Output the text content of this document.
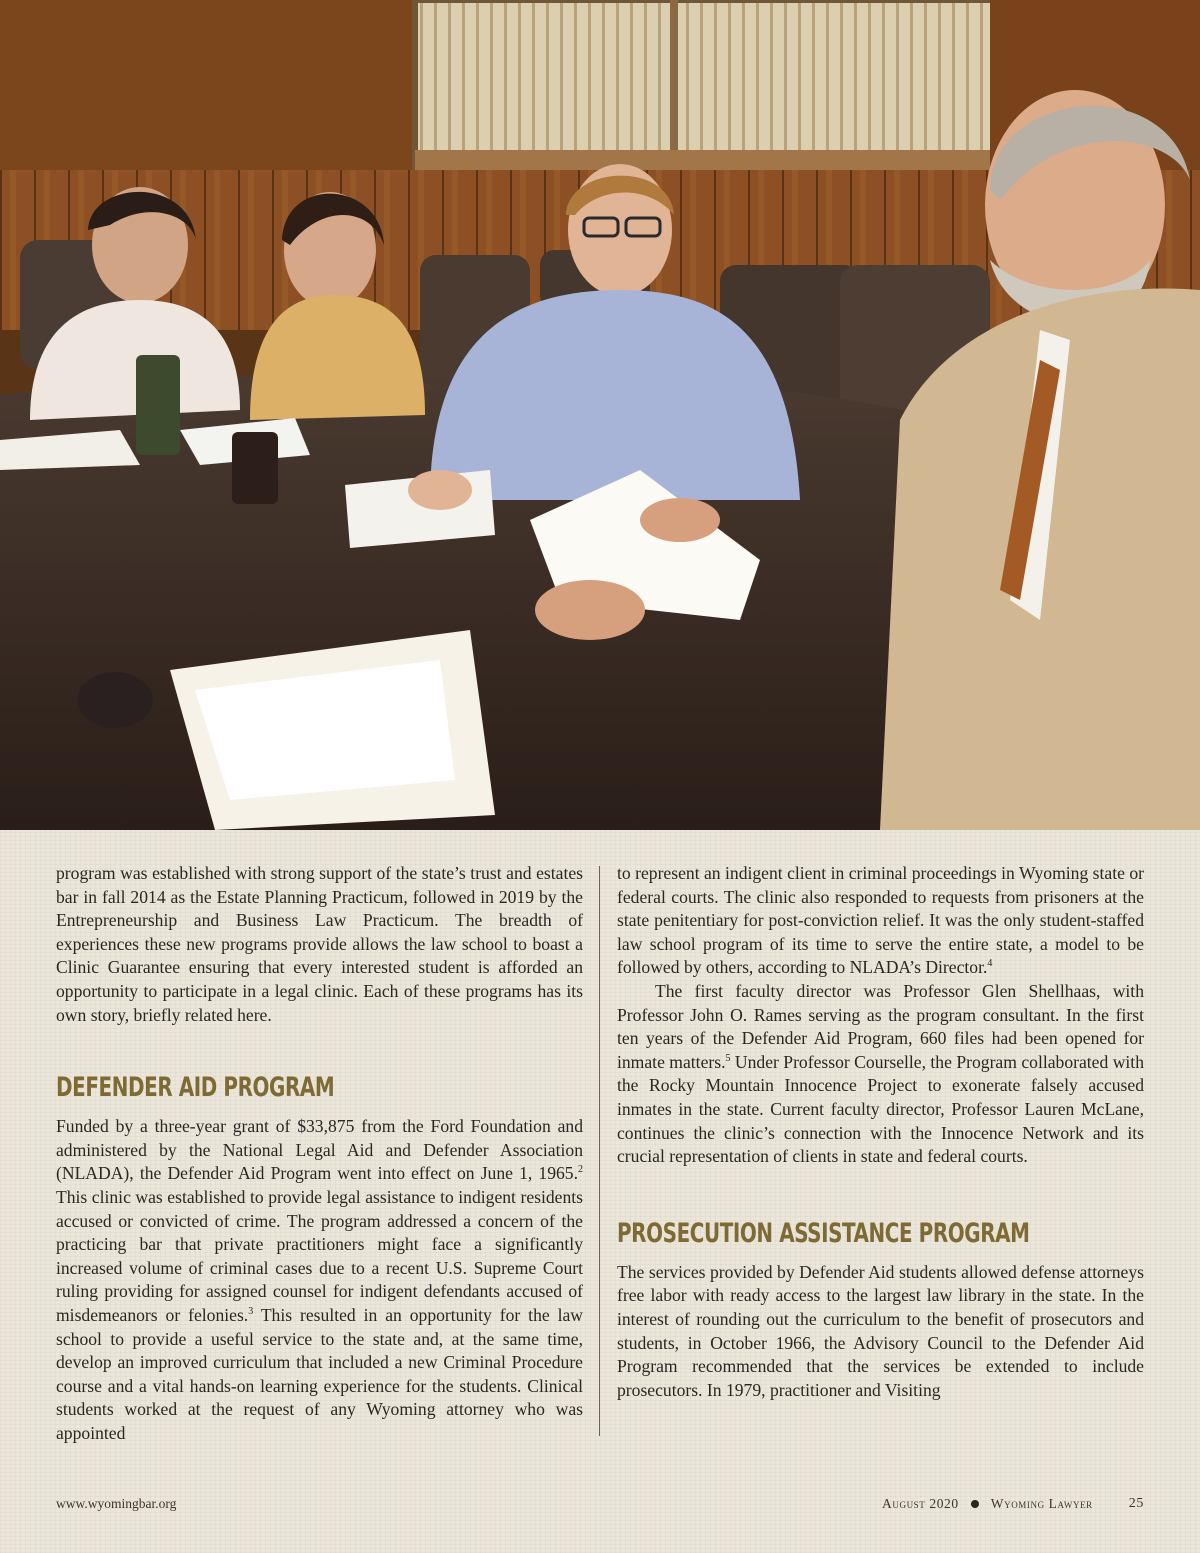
program was established with strong support of the state’s trust and estates bar in fall 2014 as the Estate Planning Practicum, followed in 2019 by the Entrepreneurship and Business Law Practicum. The breadth of experiences these new programs provide allows the law school to boast a Clinic Guarantee ensuring that every interested student is afforded an opportunity to participate in a legal clinic. Each of these programs has its own story, briefly related here.

DEFENDER AID PROGRAM

Funded by a three-year grant of $33,875 from the Ford Foundation and administered by the National Legal Aid and Defender Association (NLADA), the Defender Aid Program went into effect on June 1, 1965.$^2$ This clinic was established to provide legal assistance to indigent residents accused or convicted of crime. The program addressed a concern of the practicing bar that private practitioners might face a significantly increased volume of criminal cases due to a recent U.S. Supreme Court ruling providing for assigned counsel for indigent defendants accused of misdemeanors or felonies.$^3$ This resulted in an opportunity for the law school to provide a useful service to the state and, at the same time, develop an improved curriculum that included a new Criminal Procedure course and a vital hands-on learning experience for the students. Clinical students worked at the request of any Wyoming attorney who was appointed

to represent an indigent client in criminal proceedings in Wyoming state or federal courts. The clinic also responded to requests from prisoners at the state penitentiary for post-conviction relief. It was the only student-staffed law school program of its time to serve the entire state, a model to be followed by others, according to NLADA’s Director.$^4$

The first faculty director was Professor Glen Shellhaas, with Professor John O. Rames serving as the program consultant. In the first ten years of the Defender Aid Program, 660 files had been opened for inmate matters.$^5$ Under Professor Courselle, the Program collaborated with the Rocky Mountain Innocence Project to exonerate falsely accused inmates in the state. Current faculty director, Professor Lauren McLane, continues the clinic’s connection with the Innocence Network and its crucial representation of clients in state and federal courts.

PROSECUTION ASSISTANCE PROGRAM

The services provided by Defender Aid students allowed defense attorneys free labor with ready access to the largest law library in the state. In the interest of rounding out the curriculum to the benefit of prosecutors and students, in October 1966, the Advisory Council to the Defender Aid Program recommended that the services be extended to include prosecutors. In 1979, practitioner and Visiting

www.wyomingbar.org	August 2020 Wyoming Lawyer	25
